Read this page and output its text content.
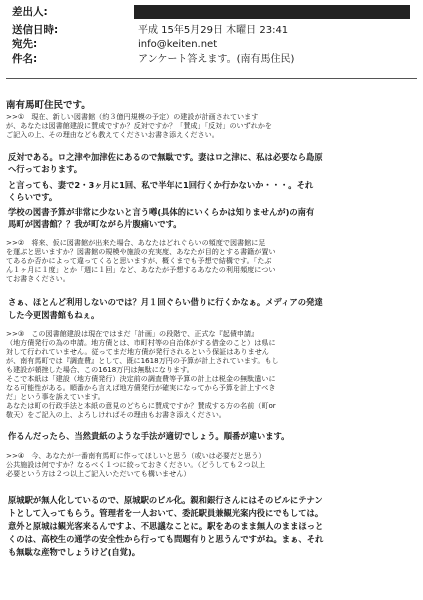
差出人:
送信日時:	平成 15年5月29日 木曜日 23:41
宛先:	info@keiten.net
件名:	アンケート答えます。(南有馬住民)
南有馬町住民です。
>>①　現在、新しい図書館（約３億円規模の予定）の建設が計画されています
が、あなたは図書館建設に賛成ですか？反対ですか？「賛成」「反対」のいずれかを
ご記入の上、その理由なども教えてくださいお書き添えください。
反対である。ロ之津や加津佐にあるので無駄です。妻はロ之津に、私は必要なら島原
へ行っております。
と言っても、妻で2・3ヶ月に1回、私で半年に1回行くか行かないか・・・。それ
くらいです。
学校の図書予算が非常に少ないと言う噂(具体的にいくらかは知りませんが)の南有
馬町が図書館？？我が町ながら片腹痛いです。
>>②　将来、仮に図書館が出来た場合、あなたはどれぐらいの頻度で図書館に足
を運ぶと思いますか？図書館の規模や施設の充実度、あなたが目的とする書籍が置い
てあるか否かによって違ってくると思いますが、概くまでも予想で結構です。「たぶ
ん１ヶ月に１度」とか「週に１回」など、あなたが予想するあなたの利用頻度につい
てお書きください。
さぁ、ほとんど利用しないのでは？月１回ぐらい借りに行くかなぁ。メディアの発達
した今更図書館もねぇ。
>>③　この図書館建設は現在ではまだ「計画」の段階で、正式な『起債申請』
（地方債発行の為の申請。地方債とは、市町村等の自治体がする借金のこと）は県に
対して行われていません。従ってまだ地方債が発行されるという保証はありません
が、南有馬町では『調査費』として、既に1618万円の予算が計上されています。もし
も建設が頓挫した場合、この1618万円は無駄になります。
そこで本紙は「建設（地方債発行）決定前の調査費等予算の計上は税金の無駄遣いに
なる可能性がある。順番から言えば地方債発行が確実になってから予算を計上すべき
だ」という事を訴えています。
あなたは町の行政手法と本紙の意見のどちらに賛成ですか？賛成する方の名前（町or
敬天）をご記入の上、よろしければその理由もお書き添えください。
作るんだったら、当然貴紙のような手法が適切でしょう。順番が違います。
>>④　今、あなたが一番南有馬町に作ってほしいと思う（或いは必要だと思う）
公共施設は何ですか？なるべく１つに絞っておきください。（どうしても２つ以上
必要という方は２つ以上ご記入いただいても構いません）
原城駅が無人化しているので、原城駅のビル化。親和銀行さんにはそのビルにテナン
トとして入ってもらう。管理者を一人おいて、委託駅員兼観光案内役にでもしては。
意外と原城は観光客来るんですよ、不思議なことに。駅をあのまま無人のままほっと
くのは、高校生の通学の安全性から行っても問題有りと思うんですがね。まぁ、それ
も無駄な産物でしょうけど(自覚)。
